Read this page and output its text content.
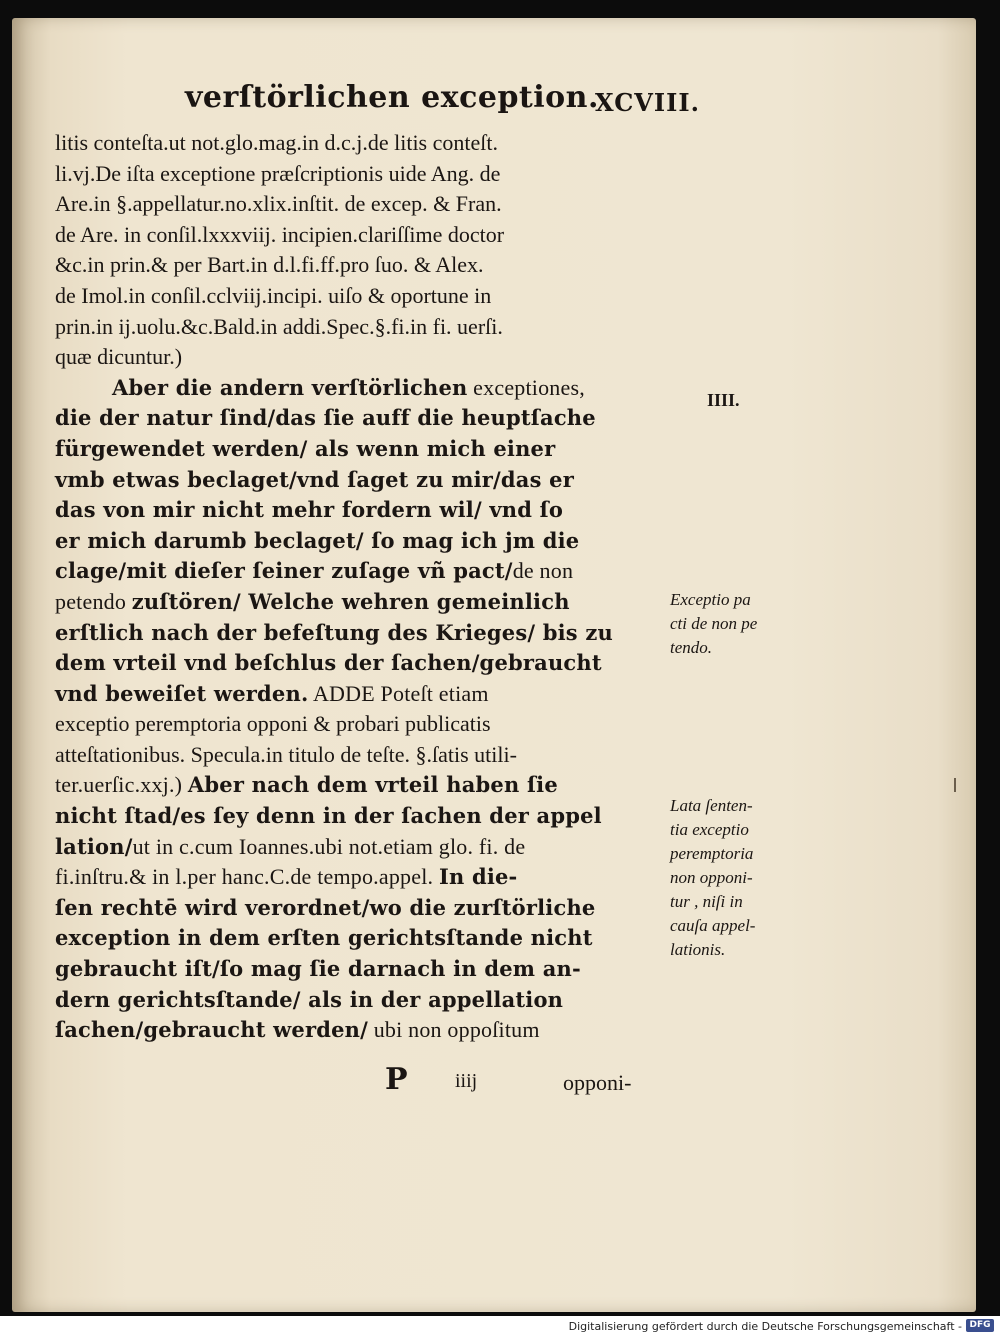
verſtörlichen exception.
XCVIII.
litis conteſta.ut not.glo.mag.in d.c.j.de litis conteſt.
li.vj.De iſta exceptione præſcriptionis uide Ang. de
Are.in §.appellatur.no.xlix.inſtit. de excep. & Fran.
de Are. in conſil.lxxxviij. incipien.clariſſime doctor
&c.in prin.& per Bart.in d.l.fi.ff.pro ſuo. & Alex.
de Imol.in conſil.cclviij.incipi. uiſo & oportune in
prin.in ij.uolu.&c.Bald.in addi.Spec.§.fi.in fi. uerſi.
quæ dicuntur.)
Aber die andern verſtörlichen exceptiones,
die der natur ſind/das ſie auff die heuptſache
fürgewendet werden/ als wenn mich einer
vmb etwas beclaget/vnd ſaget zu mir/das er
das von mir nicht mehr fordern wil/ vnd ſo
er mich darumb beclaget/ ſo mag ich jm die
clage/mit dieſer ſeiner zuſage vñ pact/de non
petendo zuſtören/ Welche wehren gemeinlich
erſtlich nach der befeſtung des Krieges/ bis zu
dem vrteil vnd beſchlus der ſachen/gebraucht
vnd beweiſet werden. ADDE Poteſt etiam
exceptio peremptoria opponi & probari publicatis
atteſtationibus. Specula.in titulo de teſte. §.ſatis utili-
ter.uerſic.xxj.) Aber nach dem vrteil haben ſie
nicht ſtad/es ſey denn in der ſachen der appel
lation/ut in c.cum Ioannes.ubi not.etiam glo. fi. de
fi.inſtru.& in l.per hanc.C.de tempo.appel. In die-
ſen rechtē wird verordnet/wo die zurſtörliche
exception in dem erſten gerichtsſtande nicht
gebraucht iſt/ſo mag ſie darnach in dem an-
dern gerichtsſtande/ als in der appellation
ſachen/gebraucht werden/ ubi non oppoſitum
IIII.
Exceptio pa
cti de non pe
tendo.
Lata ſenten-
tia exceptio
peremptoria
non opponi-
tur , niſi in
cauſa appel-
lationis.
P iiij	opponi-
Digitalisierung gefördert durch die Deutsche Forschungsgemeinschaft - DFG
